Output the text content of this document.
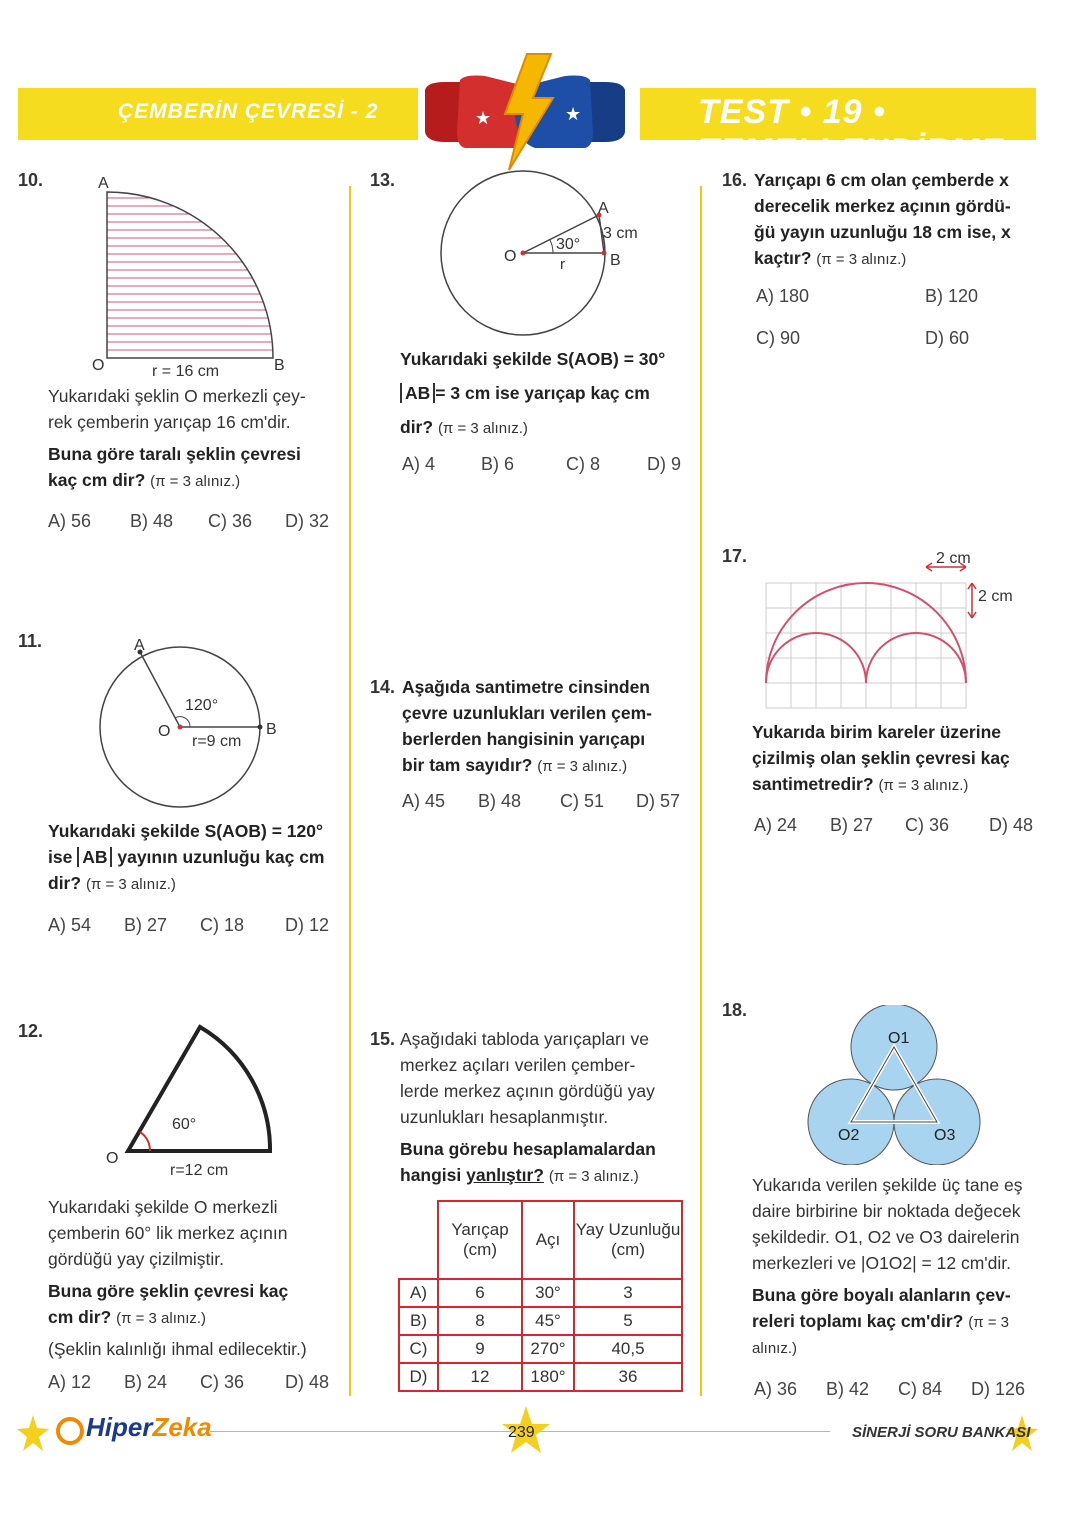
ÇEMBERİN ÇEVRESİ - 2	TEST • 19 • TEMELLENDİRME
★	★
10.	A
O	B
r = 16 cm
Yukarıdaki şeklin O merkezli çey-
rek çemberin yarıçap 16 cm'dir.
Buna göre taralı şeklin çevresi
kaç cm dir? (π = 3 alınız.)
A) 56 B) 48 C) 36 D) 32
11.	A
O	B
120°
r=9 cm
Yukarıdaki şekilde S(AOB) = 120°
ise AB yayının uzunluğu kaç cm
dir? (π = 3 alınız.)
A) 54 B) 27 C) 18 D) 12
12.
O
60°
r=12 cm
Yukarıdaki şekilde O merkezli
çemberin 60° lik merkez açının
gördüğü yay çizilmiştir.
Buna göre şeklin çevresi kaç
cm dir? (π = 3 alınız.)
(Şeklin kalınlığı ihmal edilecektir.)
A) 12 B) 24 C) 36 D) 48
13.
O
A
B
30°
3 cm
r
Yukarıdaki şekilde S(AOB) = 30°
AB = 3 cm ise yarıçap kaç cm
dir? (π = 3 alınız.)
A) 4	B) 6	C) 8	D) 9
14. Aşağıda santimetre cinsinden
çevre uzunlukları verilen çem-
berlerden hangisinin yarıçapı
bir tam sayıdır? (π = 3 alınız.)
A) 45 B) 48 C) 51 D) 57
15. Aşağıdaki tabloda yarıçapları ve
merkez açıları verilen çember-
lerde merkez açının gördüğü yay
uzunlukları hesaplanmıştır.
Buna görebu hesaplamalardan
hangisi yanlıştır? (π = 3 alınız.)
	Yarıçap (cm)	Açı	Yay Uzunluğu (cm)
A)	6	30°	3
B)	8	45°	5
C)	9	270°	40,5
D)	12	180°	36
16. Yarıçapı 6 cm olan çemberde x
derecelik merkez açının gördü-
ğü yayın uzunluğu 18 cm ise, x
kaçtır? (π = 3 alınız.)
A) 180	B) 120
C) 90	D) 60
17.	2 cm
2 cm
Yukarıda birim kareler üzerine
çizilmiş olan şeklin çevresi kaç
santimetredir? (π = 3 alınız.)
A) 24 B) 27 C) 36 D) 48
18.
O1
O2	O3
Yukarıda verilen şekilde üç tane eş
daire birbirine bir noktada değecek
şekildedir. O1, O2 ve O3 dairelerin
merkezleri ve |O1O2| = 12 cm'dir.
Buna göre boyalı alanların çev-
releri toplamı kaç cm'dir? (π = 3
alınız.)
A) 36 B) 42 C) 84 D) 126
239
HiperZeka	SİNERJİ SORU BANKASI
